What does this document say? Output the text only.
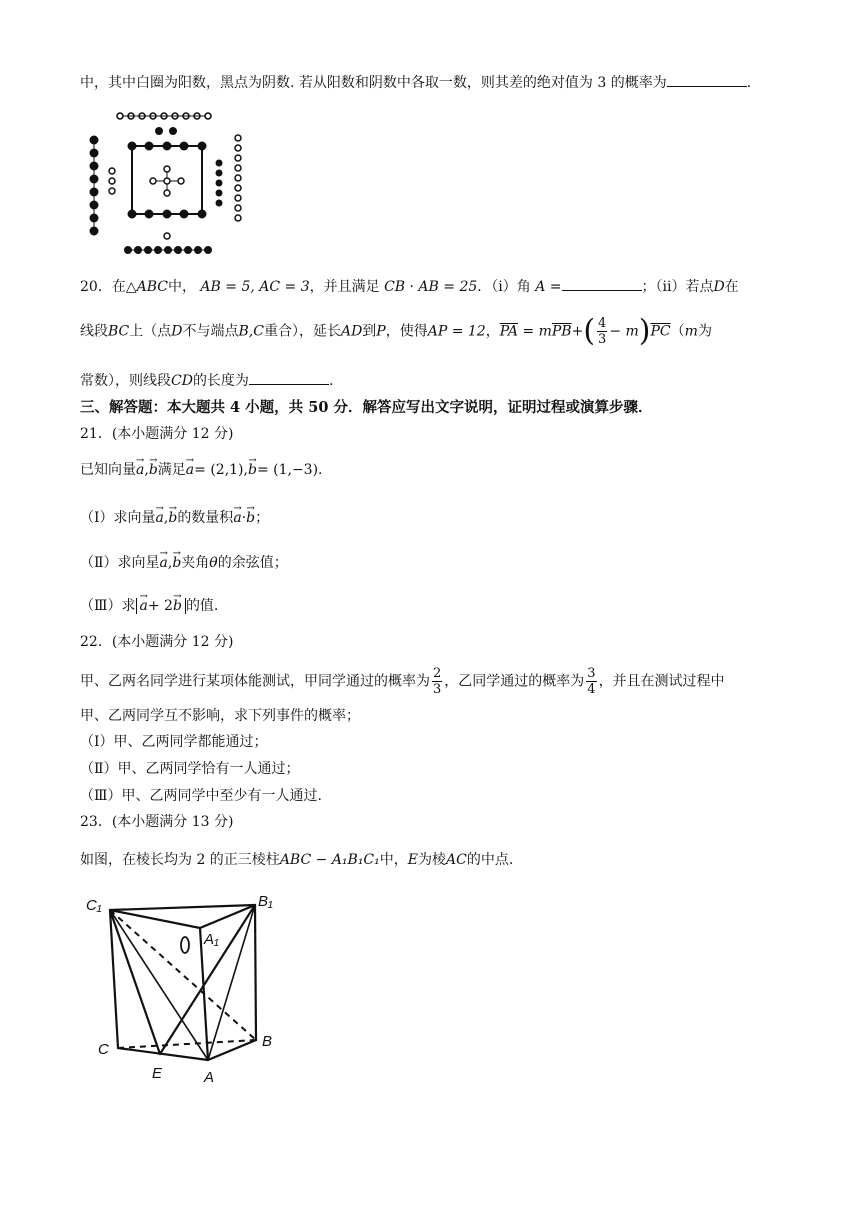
中，其中白圈为阳数，黑点为阴数. 若从阳数和阴数中各取一数，则其差的绝对值为 3 的概率为	.
20．在△ABC中， AB = 5, AC = 3，并且满足 CB · AB = 25．（ⅰ）角 A =	；（ⅱ）若点D在
线段BC上（点D不与端点B,C重合），延长AD到P，使得AP = 12，$\overline{PA} = m\overline{PB}+( \frac{4}{3} - m)\overline{PC}(m$为
常数），则线段CD的长度为	.
三、解答题：本大题共 4 小题，共 50 分．解答应写出文字说明，证明过程或演算步骤．
21．(本小题满分 12 分)
已知向量→ a,→ b满足→ a= (2,1),→ b= (1,−3).
（Ⅰ）求向量→ a,→ b的数量积→ a·→ b；
（Ⅱ）求向星→ a,→ b夹角θ的余弦值；
（Ⅲ）求 → a+ 2→ b 的值.
22．(本小题满分 12 分)
甲、乙两名同学进行某项体能测试，甲同学通过的概率为 $\frac{2}{3}$ ，乙同学通过的概率为 $\frac{3}{4}$ ，并且在测试过程中
甲、乙两同学互不影响，求下列事件的概率；
（Ⅰ）甲、乙两同学都能通过；
（Ⅱ）甲、乙两同学恰有一人通过；
（Ⅲ）甲、乙两同学中至少有一人通过.
23．(本小题满分 13 分)
如图，在棱长均为 2 的正三棱柱ABC − A₁B₁C₁中，E为棱AC的中点.
C₁	B₁
A₁
C	B
E	A
